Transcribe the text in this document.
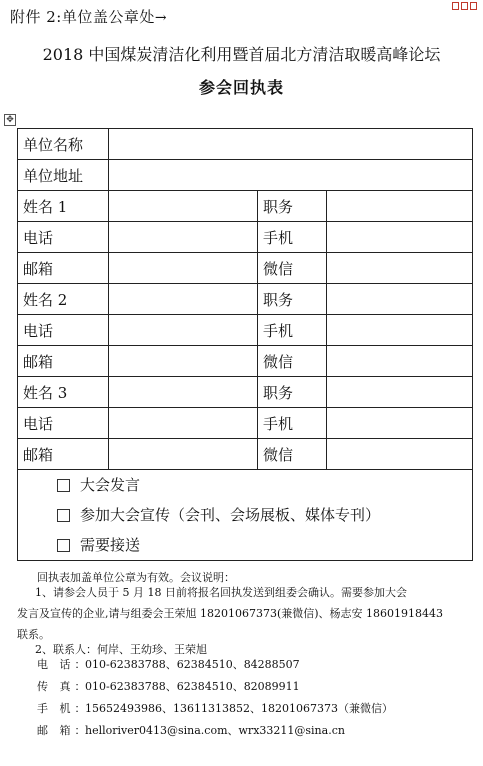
附件 2:单位盖公章处→
2018 中国煤炭清洁化利用暨首届北方清洁取暖高峰论坛
参会回执表
✥
单位名称			
单位地址			
姓名 1		职务	
电话		手机	
邮箱		微信	
姓名 2		职务	
电话		手机	
邮箱		微信	
姓名 3		职务	
电话		手机	
邮箱		微信	

大会发言
参加大会宣传（会刊、会场展板、媒体专刊）
需要接送			

回执表加盖单位公章为有效。会议说明：

1、请参会人员于 5 月 18 日前将报名回执发送到组委会确认。需要参加大会

发言及宣传的企业,请与组委会王荣旭 18201067373(兼微信)、杨志安 18601918443

联系。

2、联系人：何岸、王幼珍、王荣旭

电 话：010-62383788、62384510、84288507
传 真：010-62383788、62384510、82089911
手 机：15652493986、13611313852、18201067373（兼微信）
邮 箱：helloriver0413@sina.com、wrx33211@sina.cn
